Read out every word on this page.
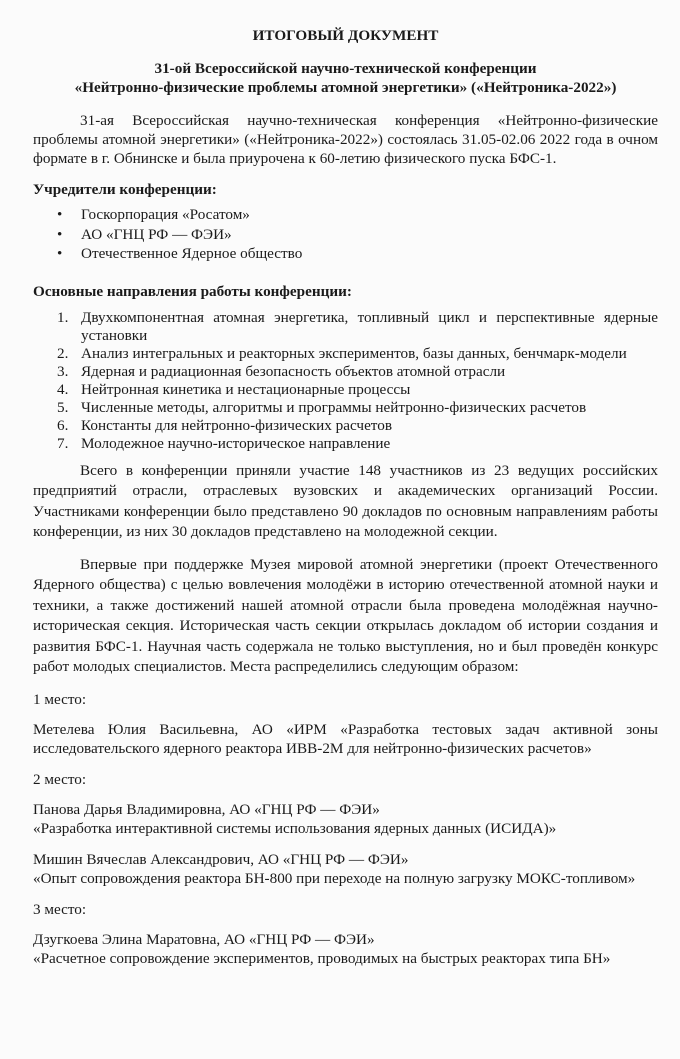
ИТОГОВЫЙ ДОКУМЕНТ
31-ой Всероссийской научно-технической конференции
«Нейтронно-физические проблемы атомной энергетики» («Нейтроника-2022»)

31-ая Всероссийская научно-техническая конференция «Нейтронно-физические проблемы атомной энергетики» («Нейтроника-2022») состоялась 31.05-02.06 2022 года в очном формате в г. Обнинске и была приурочена к 60-летию физического пуска БФС-1.

Учредители конференции:
• Госкорпорация «Росатом»
• АО «ГНЦ РФ — ФЭИ»
• Отечественное Ядерное общество
Основные направления работы конференции:
1. Двухкомпонентная атомная энергетика, топливный цикл и перспективные ядерные установки
2. Анализ интегральных и реакторных экспериментов, базы данных, бенчмарк-модели
3. Ядерная и радиационная безопасность объектов атомной отрасли
4. Нейтронная кинетика и нестационарные процессы
5. Численные методы, алгоритмы и программы нейтронно-физических расчетов
6. Константы для нейтронно-физических расчетов
7. Молодежное научно-историческое направление

Всего в конференции приняли участие 148 участников из 23 ведущих российских предприятий отрасли, отраслевых вузовских и академических организаций России. Участниками конференции было представлено 90 докладов по основным направлениям работы конференции, из них 30 докладов представлено на молодежной секции.

Впервые при поддержке Музея мировой атомной энергетики (проект Отечественного Ядерного общества) с целью вовлечения молодёжи в историю отечественной атомной науки и техники, а также достижений нашей атомной отрасли была проведена молодёжная научно-историческая секция. Историческая часть секции открылась докладом об истории создания и развития БФС-1. Научная часть содержала не только выступления, но и был проведён конкурс работ молодых специалистов. Места распределились следующим образом:

1 место:
Метелева Юлия Васильевна, АО «ИРМ «Разработка тестовых задач активной зоны исследовательского ядерного реактора ИВВ-2М для нейтронно-физических расчетов»
2 место:
Панова Дарья Владимировна, АО «ГНЦ РФ — ФЭИ»
«Разработка интерактивной системы использования ядерных данных (ИСИДА)»
Мишин Вячеслав Александрович, АО «ГНЦ РФ — ФЭИ»
«Опыт сопровождения реактора БН-800 при переходе на полную загрузку МОКС-топливом»
3 место:
Дзугкоева Элина Маратовна, АО «ГНЦ РФ — ФЭИ»
«Расчетное сопровождение экспериментов, проводимых на быстрых реакторах типа БН»
